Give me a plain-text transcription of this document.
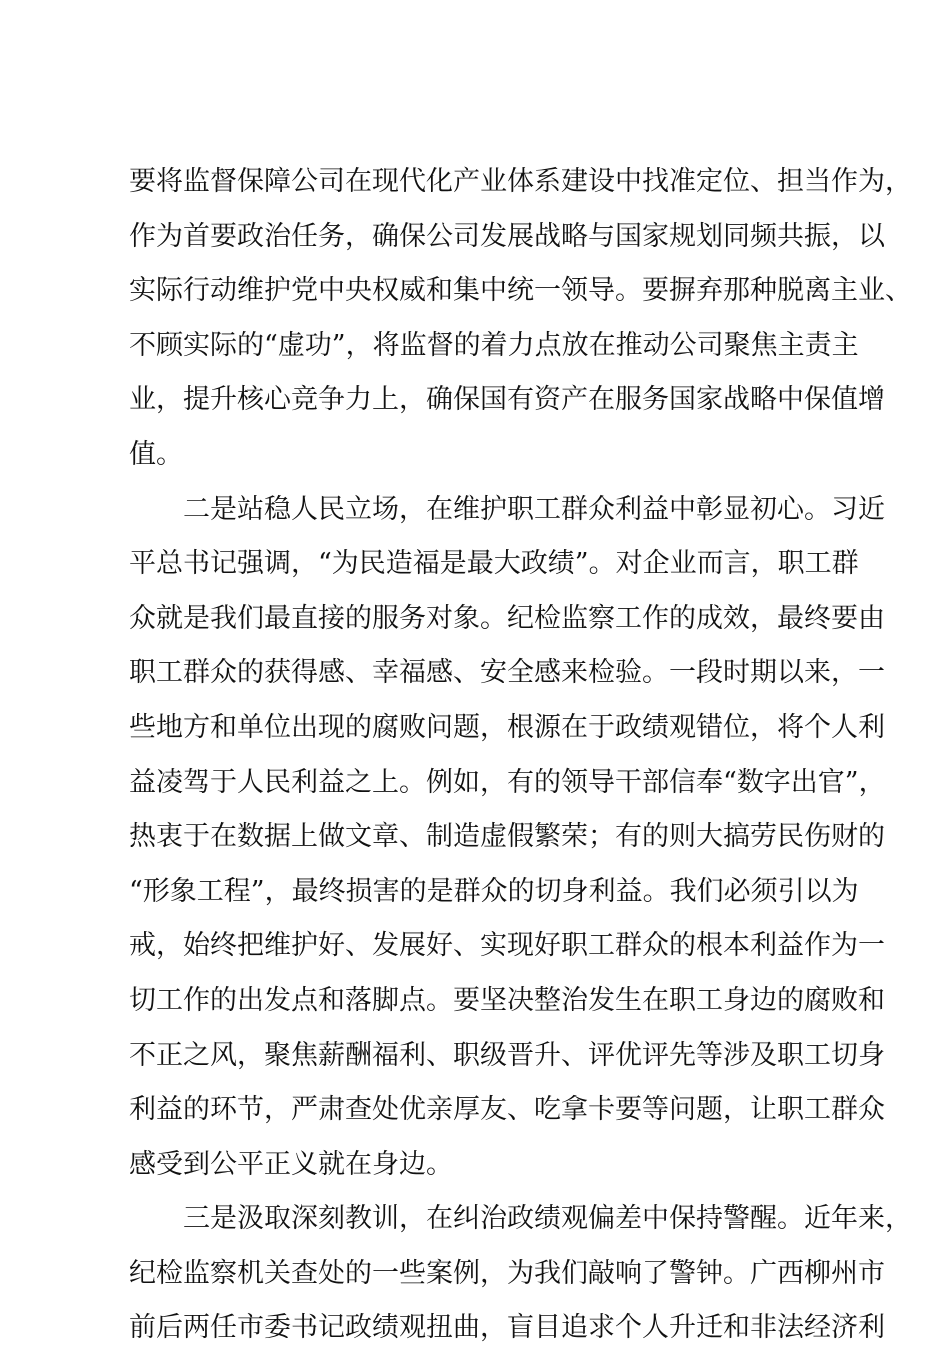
要将监督保障公司在现代化产业体系建设中找准定位、担当作为，
作为首要政治任务，确保公司发展战略与国家规划同频共振，以
实际行动维护党中央权威和集中统一领导。要摒弃那种脱离主业、
不顾实际的“虚功”，将监督的着力点放在推动公司聚焦主责主
业，提升核心竞争力上，确保国有资产在服务国家战略中保值增
值。
二是站稳人民立场，在维护职工群众利益中彰显初心。习近
平总书记强调，“为民造福是最大政绩”。对企业而言，职工群
众就是我们最直接的服务对象。纪检监察工作的成效，最终要由
职工群众的获得感、幸福感、安全感来检验。一段时期以来，一
些地方和单位出现的腐败问题，根源在于政绩观错位，将个人利
益凌驾于人民利益之上。例如，有的领导干部信奉“数字出官”，
热衷于在数据上做文章、制造虚假繁荣；有的则大搞劳民伤财的
“形象工程”，最终损害的是群众的切身利益。我们必须引以为
戒，始终把维护好、发展好、实现好职工群众的根本利益作为一
切工作的出发点和落脚点。要坚决整治发生在职工身边的腐败和
不正之风，聚焦薪酬福利、职级晋升、评优评先等涉及职工切身
利益的环节，严肃查处优亲厚友、吃拿卡要等问题，让职工群众
感受到公平正义就在身边。
三是汲取深刻教训，在纠治政绩观偏差中保持警醒。近年来，
纪检监察机关查处的一些案例，为我们敲响了警钟。广西柳州市
前后两任市委书记政绩观扭曲，盲目追求个人升迁和非法经济利
